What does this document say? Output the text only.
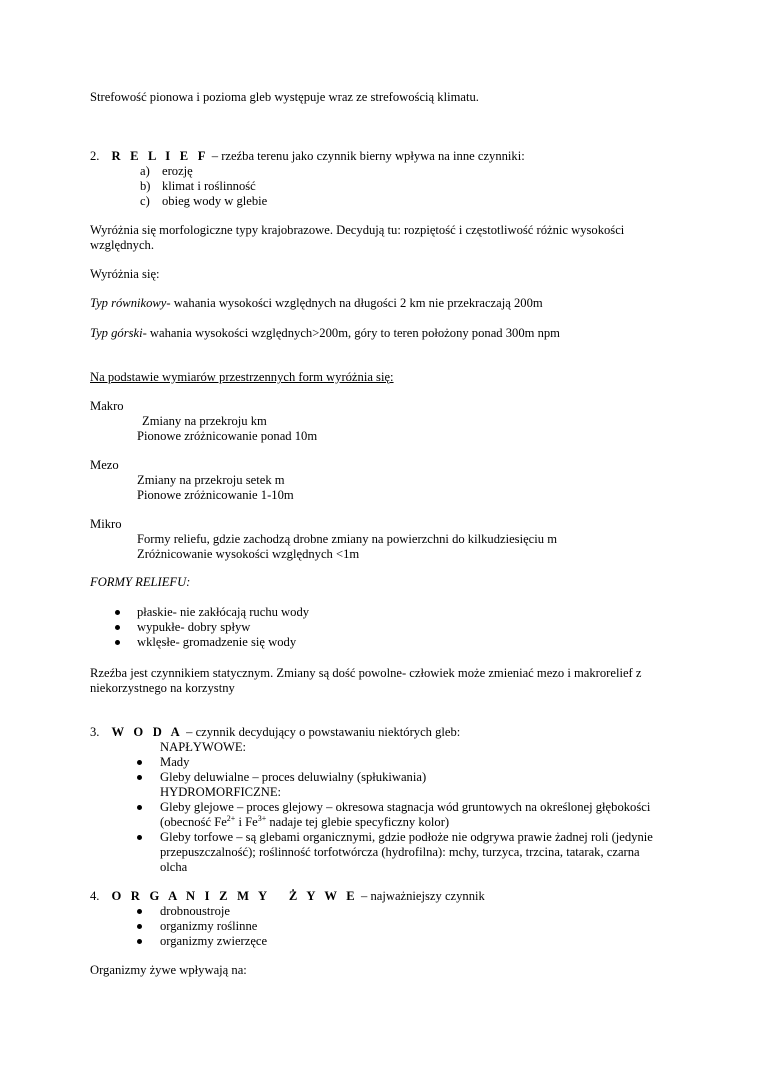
Strefowość pionowa i pozioma gleb występuje wraz ze strefowością klimatu.
2. R E L I E F – rzeźba terenu jako czynnik bierny wpływa na inne czynniki:
a) erozję
b) klimat i roślinność
c) obieg wody w glebie
Wyróżnia się morfologiczne typy krajobrazowe. Decydują tu: rozpiętość i częstotliwość różnic wysokości
względnych.
Wyróżnia się:
Typ równikowy- wahania wysokości względnych na długości 2 km nie przekraczają 200m
Typ górski- wahania wysokości względnych>200m, góry to teren położony ponad 300m npm
Na podstawie wymiarów przestrzennych form wyróżnia się:
Makro
Zmiany na przekroju km
Pionowe zróżnicowanie ponad 10m
Mezo
Zmiany na przekroju setek m
Pionowe zróżnicowanie 1-10m
Mikro
Formy reliefu, gdzie zachodzą drobne zmiany na powierzchni do kilkudziesięciu m
Zróżnicowanie wysokości względnych <1m
FORMY RELIEFU:
płaskie- nie zakłócają ruchu wody
wypukłe- dobry spływ
wklęsłe- gromadzenie się wody
Rzeźba jest czynnikiem statycznym. Zmiany są dość powolne- człowiek może zmieniać mezo i makrorelief z
niekorzystnego na korzystny
3. W O D A – czynnik decydujący o powstawaniu niektórych gleb:
NAPŁYWOWE:
Mady
Gleby deluwialne – proces deluwialny (spłukiwania)
HYDROMORFICZNE:
Gleby glejowe – proces glejowy – okresowa stagnacja wód gruntowych na określonej głębokości
(obecność $Fe^{2+}$ i $Fe^{3+}$ nadaje tej glebie specyficzny kolor)
Gleby torfowe – są glebami organicznymi, gdzie podłoże nie odgrywa prawie żadnej roli (jedynie
przepuszczalność); roślinność torfotwórcza (hydrofilna): mchy, turzyca, trzcina, tatarak, czarna
olcha
4. O R G A N I Z M Y   Ż Y W E – najważniejszy czynnik
drobnoustroje
organizmy roślinne
organizmy zwierzęce
Organizmy żywe wpływają na:
